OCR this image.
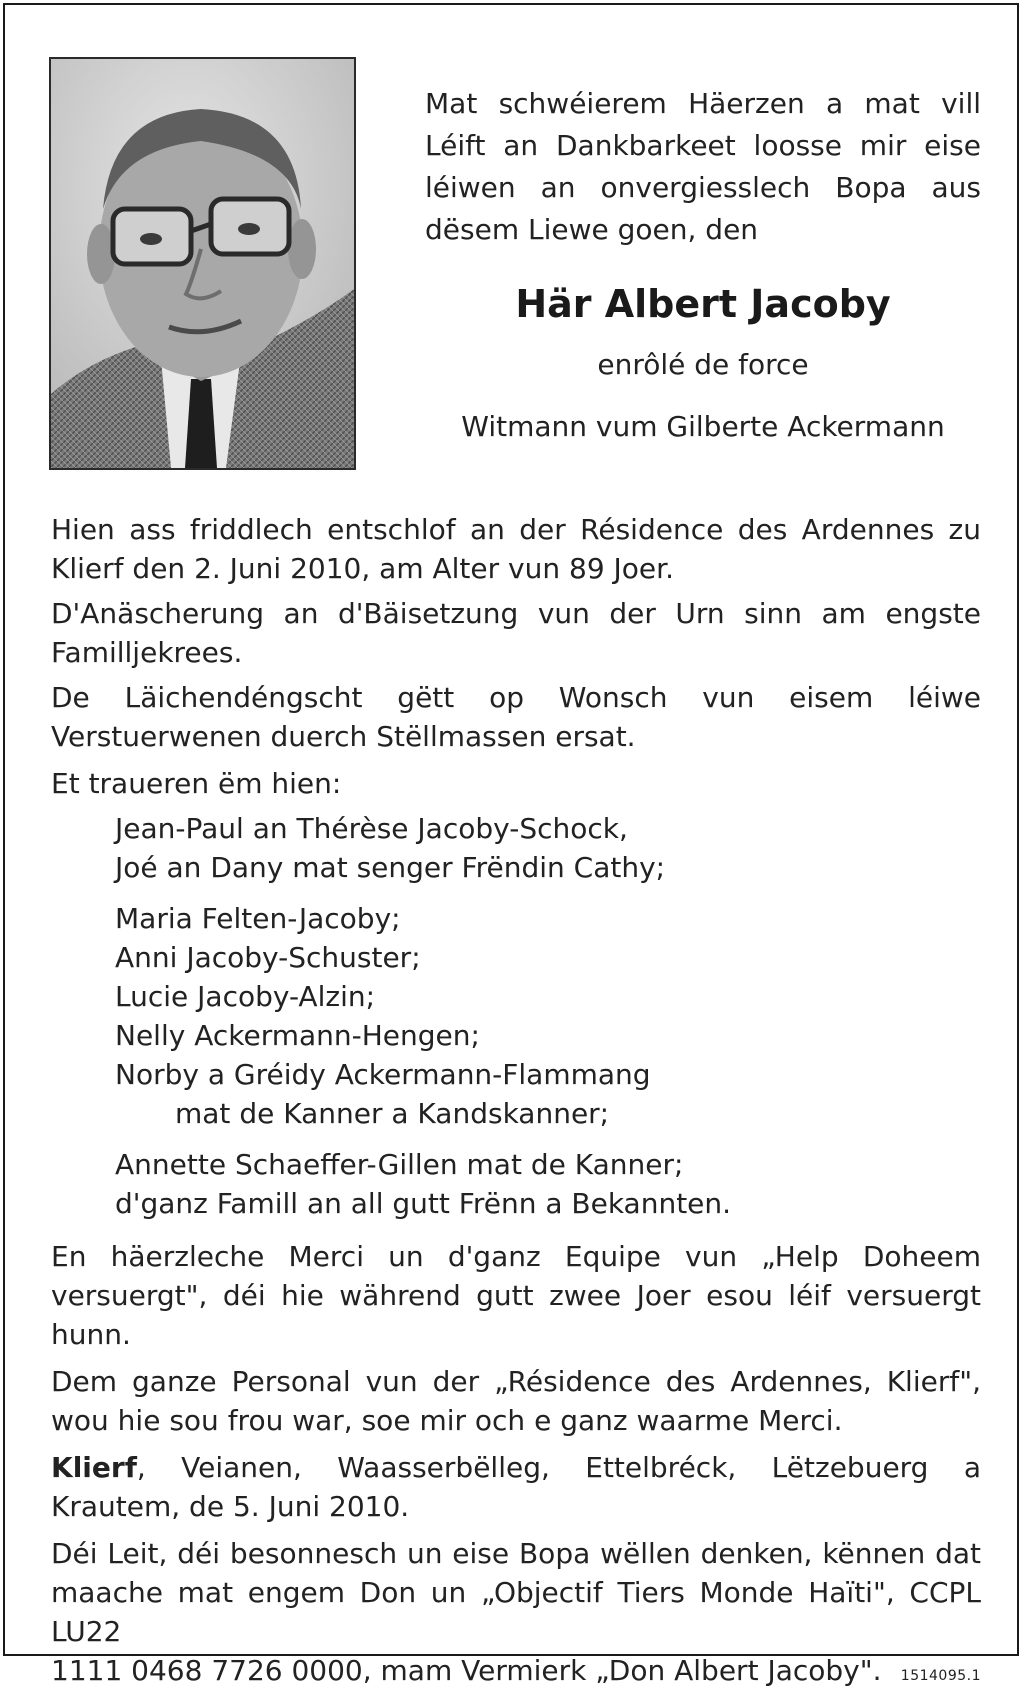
Mat schwéierem Häerzen a mat vill Léift an Dankbarkeet loosse mir eise léiwen an onvergiesslech Bopa aus dësem Liewe goen, den
Här Albert Jacoby
enrôlé de force
Witmann vum Gilberte Ackermann

Hien ass friddlech entschlof an der Résidence des Ardennes zu Klierf den 2. Juni 2010, am Alter vun 89 Joer.

D'Anäscherung an d'Bäisetzung vun der Urn sinn am engste Familljekrees.

De Läichendéngscht gëtt op Wonsch vun eisem léiwe Verstuerwenen duerch Stëllmassen ersat.

Et traueren ëm hien:

Jean-Paul an Thérèse Jacoby-Schock,
Joé an Dany mat senger Frëndin Cathy;
Maria Felten-Jacoby;
Anni Jacoby-Schuster;
Lucie Jacoby-Alzin;
Nelly Ackermann-Hengen;
Norby a Gréidy Ackermann-Flammang
mat de Kanner a Kandskanner;
Annette Schaeffer-Gillen mat de Kanner;
d'ganz Famill an all gutt Frënn a Bekannten.

En häerzleche Merci un d'ganz Equipe vun „Help Doheem versuergt", déi hie während gutt zwee Joer esou léif versuergt hunn.

Dem ganze Personal vun der „Résidence des Ardennes, Klierf", wou hie sou frou war, soe mir och e ganz waarme Merci.

Klierf, Veianen, Waasserbëlleg, Ettelbréck, Lëtzebuerg a Krautem, de 5. Juni 2010.

Déi Leit, déi besonnesch un eise Bopa wëllen denken, kënnen dat maache mat engem Don un „Objectif Tiers Monde Haïti", CCPL LU22

1111 0468 7726 0000, mam Vermierk „Don Albert Jacoby". 1514095.1
